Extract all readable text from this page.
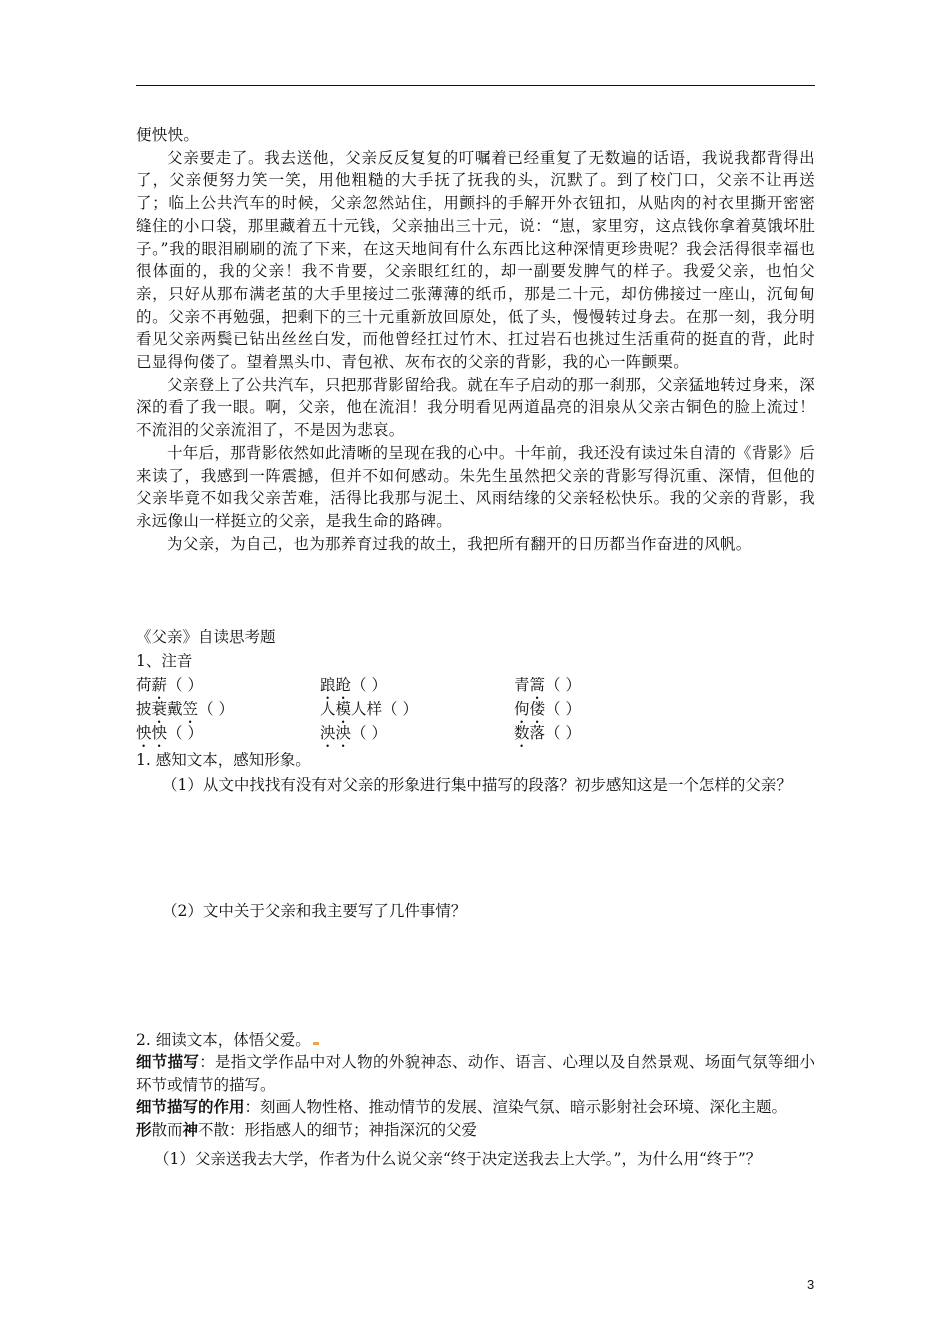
便怏怏。

父亲要走了。我去送他，父亲反反复复的叮嘱着已经重复了无数遍的话语，我说我都背得出了，父亲便努力笑一笑，用他粗糙的大手抚了抚我的头，沉默了。到了校门口，父亲不让再送了；临上公共汽车的时候，父亲忽然站住，用颤抖的手解开外衣钮扣，从贴肉的衬衣里撕开密密缝住的小口袋，那里藏着五十元钱，父亲抽出三十元，说：“崽，家里穷，这点钱你拿着莫饿坏肚子。”我的眼泪刷刷的流了下来，在这天地间有什么东西比这种深情更珍贵呢？我会活得很幸福也很体面的，我的父亲！我不肯要，父亲眼红红的，却一副要发脾气的样子。我爱父亲，也怕父亲，只好从那布满老茧的大手里接过二张薄薄的纸币，那是二十元，却仿佛接过一座山，沉甸甸的。父亲不再勉强，把剩下的三十元重新放回原处，低了头，慢慢转过身去。在那一刻，我分明看见父亲两鬓已钻出丝丝白发，而他曾经扛过竹木、扛过岩石也挑过生活重荷的挺直的背，此时已显得佝偻了。望着黑头巾、青包袱、灰布衣的父亲的背影，我的心一阵颤栗。

父亲登上了公共汽车，只把那背影留给我。就在车子启动的那一刹那，父亲猛地转过身来，深深的看了我一眼。啊，父亲，他在流泪！我分明看见两道晶亮的泪泉从父亲古铜色的脸上流过！不流泪的父亲流泪了，不是因为悲哀。

十年后，那背影依然如此清晰的呈现在我的心中。十年前，我还没有读过朱自清的《背影》后来读了，我感到一阵震撼，但并不如何感动。朱先生虽然把父亲的背影写得沉重、深情，但他的父亲毕竟不如我父亲苦难，活得比我那与泥土、风雨结缘的父亲轻松快乐。我的父亲的背影，我永远像山一样挺立的父亲，是我生命的路碑。

为父亲，为自己，也为那养育过我的故土，我把所有翻开的日历都当作奋进的风帆。

《父亲》自读思考题
1、注音
荷薪（ ）	踉跄（ ）	青篙（ ）
披蓑戴笠（ ）	人模人样（ ）	佝偻（ ）
怏怏（ ）	泱泱（ ）	数落（ ）
1. 感知文本，感知形象。
（1）从文中找找有没有对父亲的形象进行集中描写的段落？初步感知这是一个怎样的父亲？
（2）文中关于父亲和我主要写了几件事情？
2. 细读文本，体悟父爱。

细节描写：是指文学作品中对人物的外貌神态、动作、语言、心理以及自然景观、场面气氛等细小环节或情节的描写。

细节描写的作用：刻画人物性格、推动情节的发展、渲染气氛、暗示影射社会环境、深化主题。

形散而神不散：形指感人的细节；神指深沉的父爱

（1）父亲送我去大学，作者为什么说父亲“终于决定送我去上大学。”，为什么用“终于”？
3
